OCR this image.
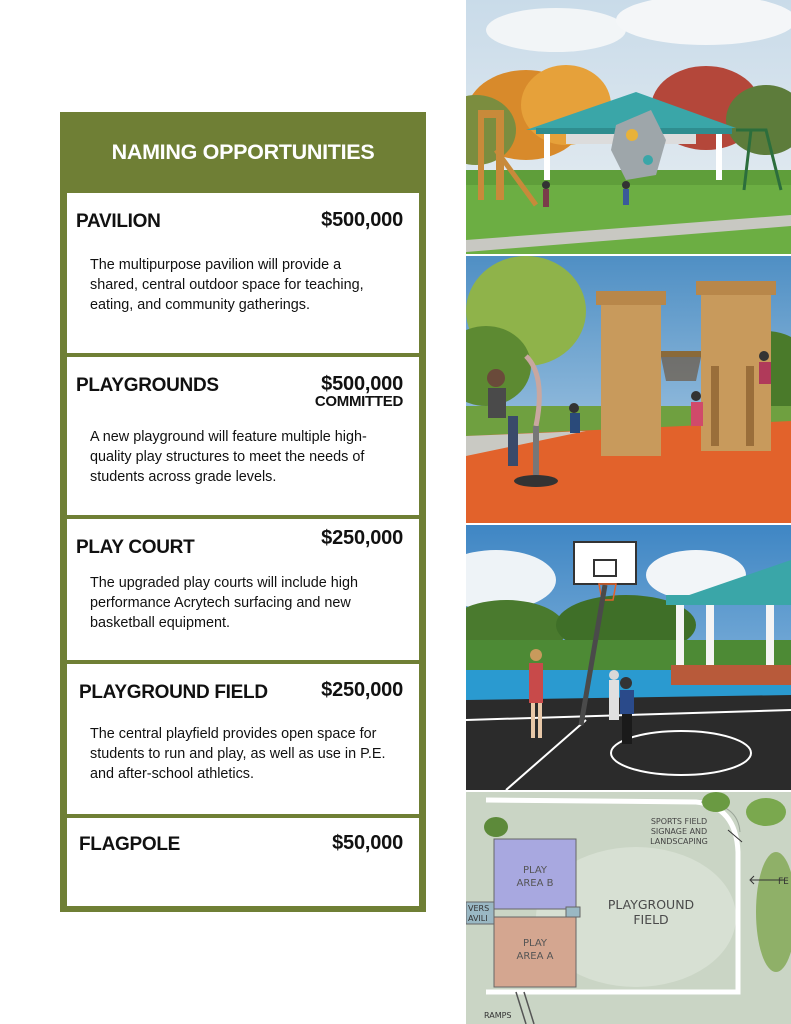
NAMING OPPORTUNITIES
PAVILION	$500,000
The multipurpose pavilion will provide a shared, central outdoor space for teaching, eating, and community gatherings.
PLAYGROUNDS	$500,000
COMMITTED
A new playground will feature multiple high-quality play structures to meet the needs of students across grade levels.
PLAY COURT	$250,000
The upgraded play courts will include high performance Acrytech surfacing and new basketball equipment.
PLAYGROUND FIELD	$250,000
The central playfield provides open space for students to run and play, as well as use in P.E. and after-school athletics.
FLAGPOLE	$50,000
PLAY AREA B
PLAY AREA A
PLAYGROUND FIELD
SPORTS FIELD SIGNAGE AND LANDSCAPING
VERS AVILI
RAMPS
FE
